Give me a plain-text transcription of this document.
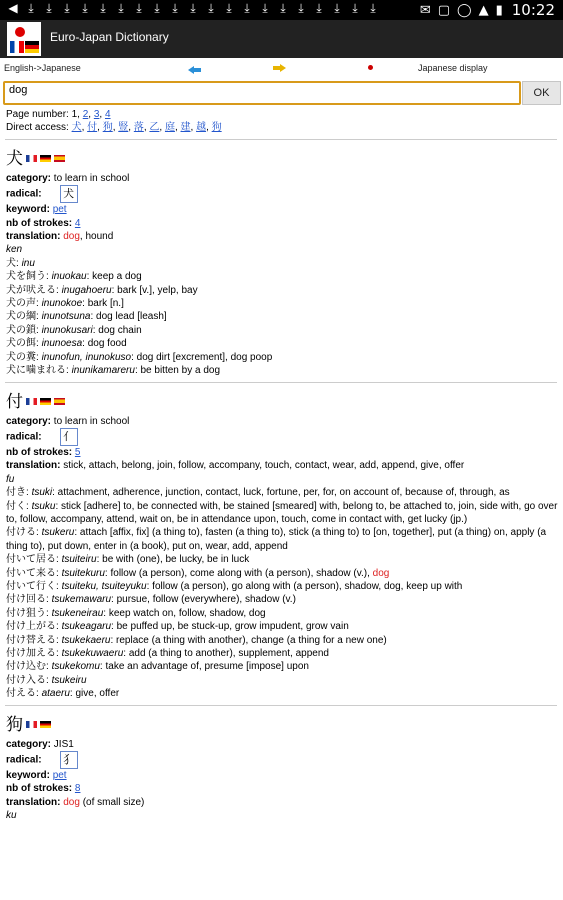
◀ ⤓ ⤓ ⤓ ⤓ ⤓ ⤓ ⤓ ⤓ ⤓ ⤓ ⤓ ⤓ ⤓ ⤓ ⤓ ⤓ ⤓ ⤓ ⤓ ⤓	✉ ▢ ◯ ▲ ▮ 10:22
Euro-Japan Dictionary
English->Japanese	Japanese display
dog	OK
Page number: 1, 2, 3, 4
Direct access: 犬, 付, 狗, 豎, 落, 乙, 庭, 建, 越, 狗
犬
category: to learn in school
radical: 犬
keyword: pet
nb of strokes: 4
translation: dog, hound
ken
犬: inu
犬を飼う: inuokau: keep a dog
犬が吠える: inugahoeru: bark [v.], yelp, bay
犬の声: inunokoe: bark [n.]
犬の綱: inunotsuna: dog lead [leash]
犬の鎖: inunokusari: dog chain
犬の餌: inunoesa: dog food
犬の糞: inunofun, inunokuso: dog dirt [excrement], dog poop
犬に噛まれる: inunikamareru: be bitten by a dog
付
category: to learn in school
radical: 亻
nb of strokes: 5
translation: stick, attach, belong, join, follow, accompany, touch, contact, wear, add, append, give, offer
fu
付き: tsuki: attachment, adherence, junction, contact, luck, fortune, per, for, on account of, because of, through, as
付く: tsuku: stick [adhere] to, be connected with, be stained [smeared] with, belong to, be attached to, join, side with, go over to, follow, accompany, attend, wait on, be in attendance upon, touch, come in contact with, get lucky (jp.)
付ける: tsukeru: attach [affix, fix] (a thing to), fasten (a thing to), stick (a thing to) to [on, together], put (a thing) on, apply (a thing to), put down, enter in (a book), put on, wear, add, append
付いて居る: tsuiteiru: be with (one), be lucky, be in luck
付いて来る: tsuitekuru: follow (a person), come along with (a person), shadow (v.), dog
付いて行く: tsuiteku, tsuiteyuku: follow (a person), go along with (a person), shadow, dog, keep up with
付け回る: tsukemawaru: pursue, follow (everywhere), shadow (v.)
付け狙う: tsukeneirau: keep watch on, follow, shadow, dog
付け上がる: tsukeagaru: be puffed up, be stuck-up, grow impudent, grow vain
付け替える: tsukekaeru: replace (a thing with another), change (a thing for a new one)
付け加える: tsukekuwaeru: add (a thing to another), supplement, append
付け込む: tsukekomu: take an advantage of, presume [impose] upon
付け入る: tsukeiru
付える: ataeru: give, offer
狗
category: JIS1
radical: 犭
keyword: pet
nb of strokes: 8
translation: dog (of small size)
ku
